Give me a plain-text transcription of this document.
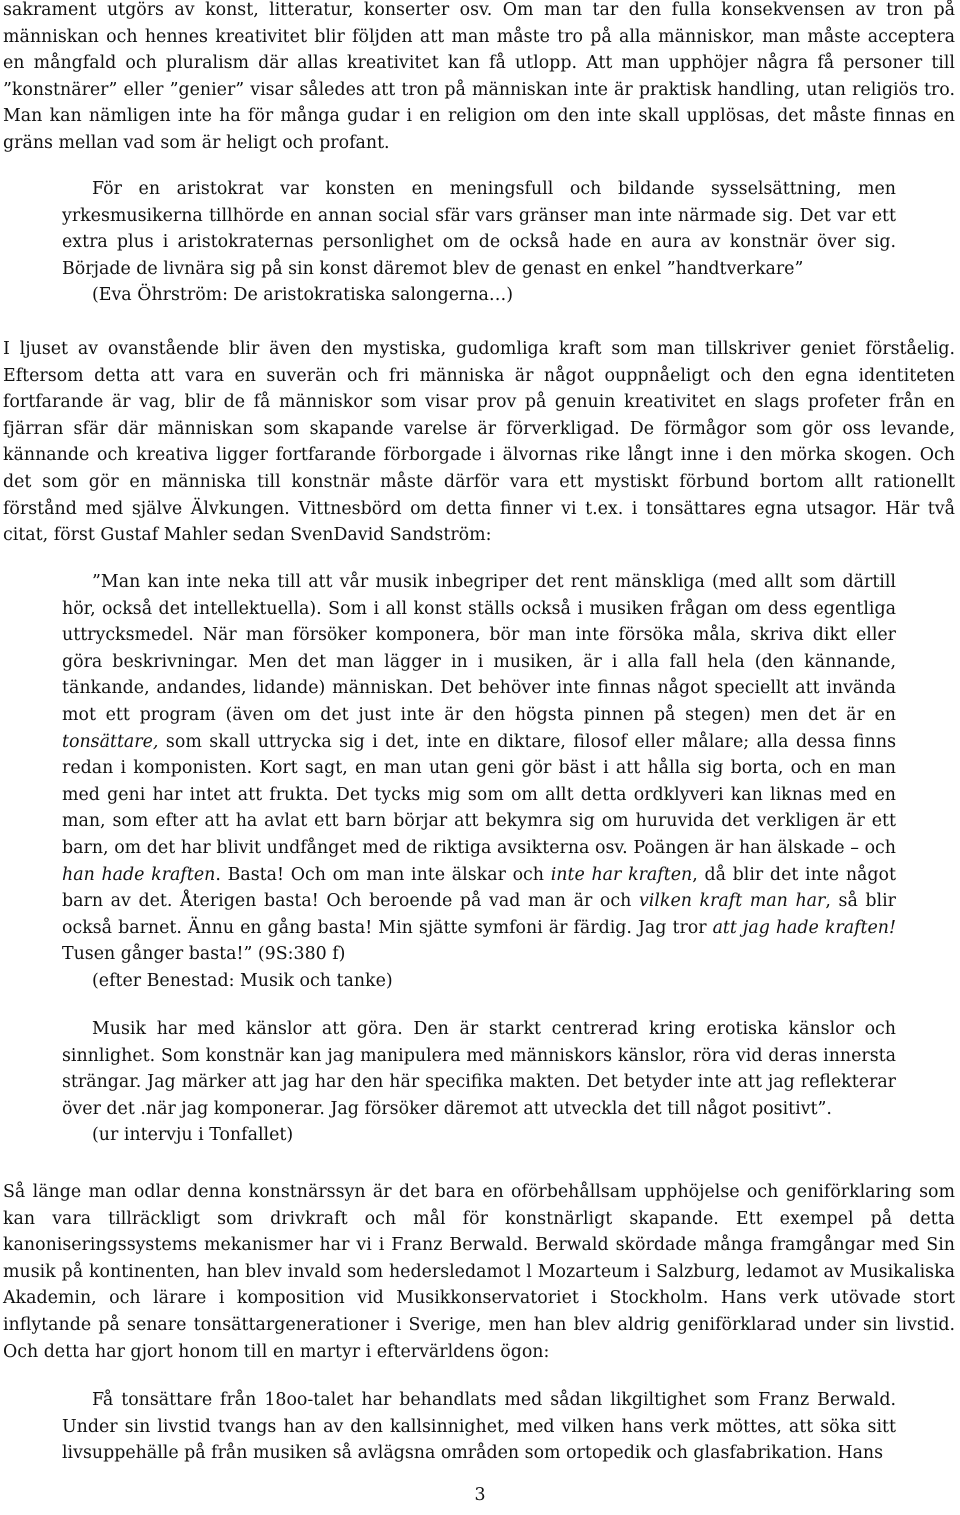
sakrament utgörs av konst, litteratur, konserter osv. Om man tar den fulla konsekvensen av tron på människan och hennes kreativitet blir följden att man måste tro på alla människor, man måste acceptera en mångfald och pluralism där allas kreativitet kan få utlopp. Att man upphöjer några få personer till ”konstnärer” eller ”genier” visar således att tron på människan inte är praktisk handling, utan religiös tro. Man kan nämligen inte ha för många gudar i en religion om den inte skall upplösas, det måste finnas en gräns mellan vad som är heligt och profant.

För en aristokrat var konsten en meningsfull och bildande sysselsättning, men yrkesmusikerna tillhörde en annan social sfär vars gränser man inte närmade sig. Det var ett extra plus i aristokraternas personlighet om de också hade en aura av konstnär över sig. Började de livnära sig på sin konst däremot blev de genast en enkel ”handtverkare”
(Eva Öhrström: De aristokratiska salongerna…)

I ljuset av ovanstående blir även den mystiska, gudomliga kraft som man tillskriver geniet förståelig. Eftersom detta att vara en suverän och fri människa är något ouppnåeligt och den egna identiteten fortfarande är vag, blir de få människor som visar prov på genuin kreativitet en slags profeter från en fjärran sfär där människan som skapande varelse är förverkligad. De förmågor som gör oss levande, kännande och kreativa ligger fortfarande förborgade i älvornas rike långt inne i den mörka skogen. Och det som gör en människa till konstnär måste därför vara ett mystiskt förbund bortom allt rationellt förstånd med själve Älvkungen. Vittnesbörd om detta finner vi t.ex. i tonsättares egna utsagor. Här två citat, först Gustaf Mahler sedan SvenDavid Sandström:

”Man kan inte neka till att vår musik inbegriper det rent mänskliga (med allt som därtill hör, också det intellektuella). Som i all konst ställs också i musiken frågan om dess egentliga uttrycksmedel. När man försöker komponera, bör man inte försöka måla, skriva dikt eller göra beskrivningar. Men det man lägger in i musiken, är i alla fall hela (den kännande, tänkande, andandes, lidande) människan. Det behöver inte finnas något speciellt att invända mot ett program (även om det just inte är den högsta pinnen på stegen) men det är en tonsättare, som skall uttrycka sig i det, inte en diktare, filosof eller målare; alla dessa finns redan i komponisten. Kort sagt, en man utan geni gör bäst i att hålla sig borta, och en man med geni har intet att frukta. Det tycks mig som om allt detta ordklyveri kan liknas med en man, som efter att ha avlat ett barn börjar att bekymra sig om huruvida det verkligen är ett barn, om det har blivit undfånget med de riktiga avsikterna osv. Poängen är han älskade – och han hade kraften. Basta! Och om man inte älskar och inte har kraften, då blir det inte något barn av det. Återigen basta! Och beroende på vad man är och vilken kraft man har, så blir också barnet. Ännu en gång basta! Min sjätte symfoni är färdig. Jag tror att jag hade kraften! Tusen gånger basta!” (9S:380 f)
(efter Benestad: Musik och tanke)
Musik har med känslor att göra. Den är starkt centrerad kring erotiska känslor och sinnlighet. Som konstnär kan jag manipulera med människors känslor, röra vid deras innersta strängar. Jag märker att jag har den här specifika makten. Det betyder inte att jag reflekterar över det .när jag komponerar. Jag försöker däremot att utveckla det till något positivt”.
(ur intervju i Tonfallet)

Så länge man odlar denna konstnärssyn är det bara en oförbehållsam upphöjelse och geniförklaring som kan vara tillräckligt som drivkraft och mål för konstnärligt skapande. Ett exempel på detta kanoniseringssystems mekanismer har vi i Franz Berwald. Berwald skördade många framgångar med Sin musik på kontinenten, han blev invald som hedersledamot l Mozarteum i Salzburg, ledamot av Musikaliska Akademin, och lärare i komposition vid Musikkonservatoriet i Stockholm. Hans verk utövade stort inflytande på senare tonsättargenerationer i Sverige, men han blev aldrig geniförklarad under sin livstid. Och detta har gjort honom till en martyr i eftervärldens ögon:

Få tonsättare från 18oo-talet har behandlats med sådan likgiltighet som Franz Berwald. Under sin livstid tvangs han av den kallsinnighet, med vilken hans verk möttes, att söka sitt livsuppehälle på från musiken så avlägsna områden som ortopedik och glasfabrikation. Hans
3
